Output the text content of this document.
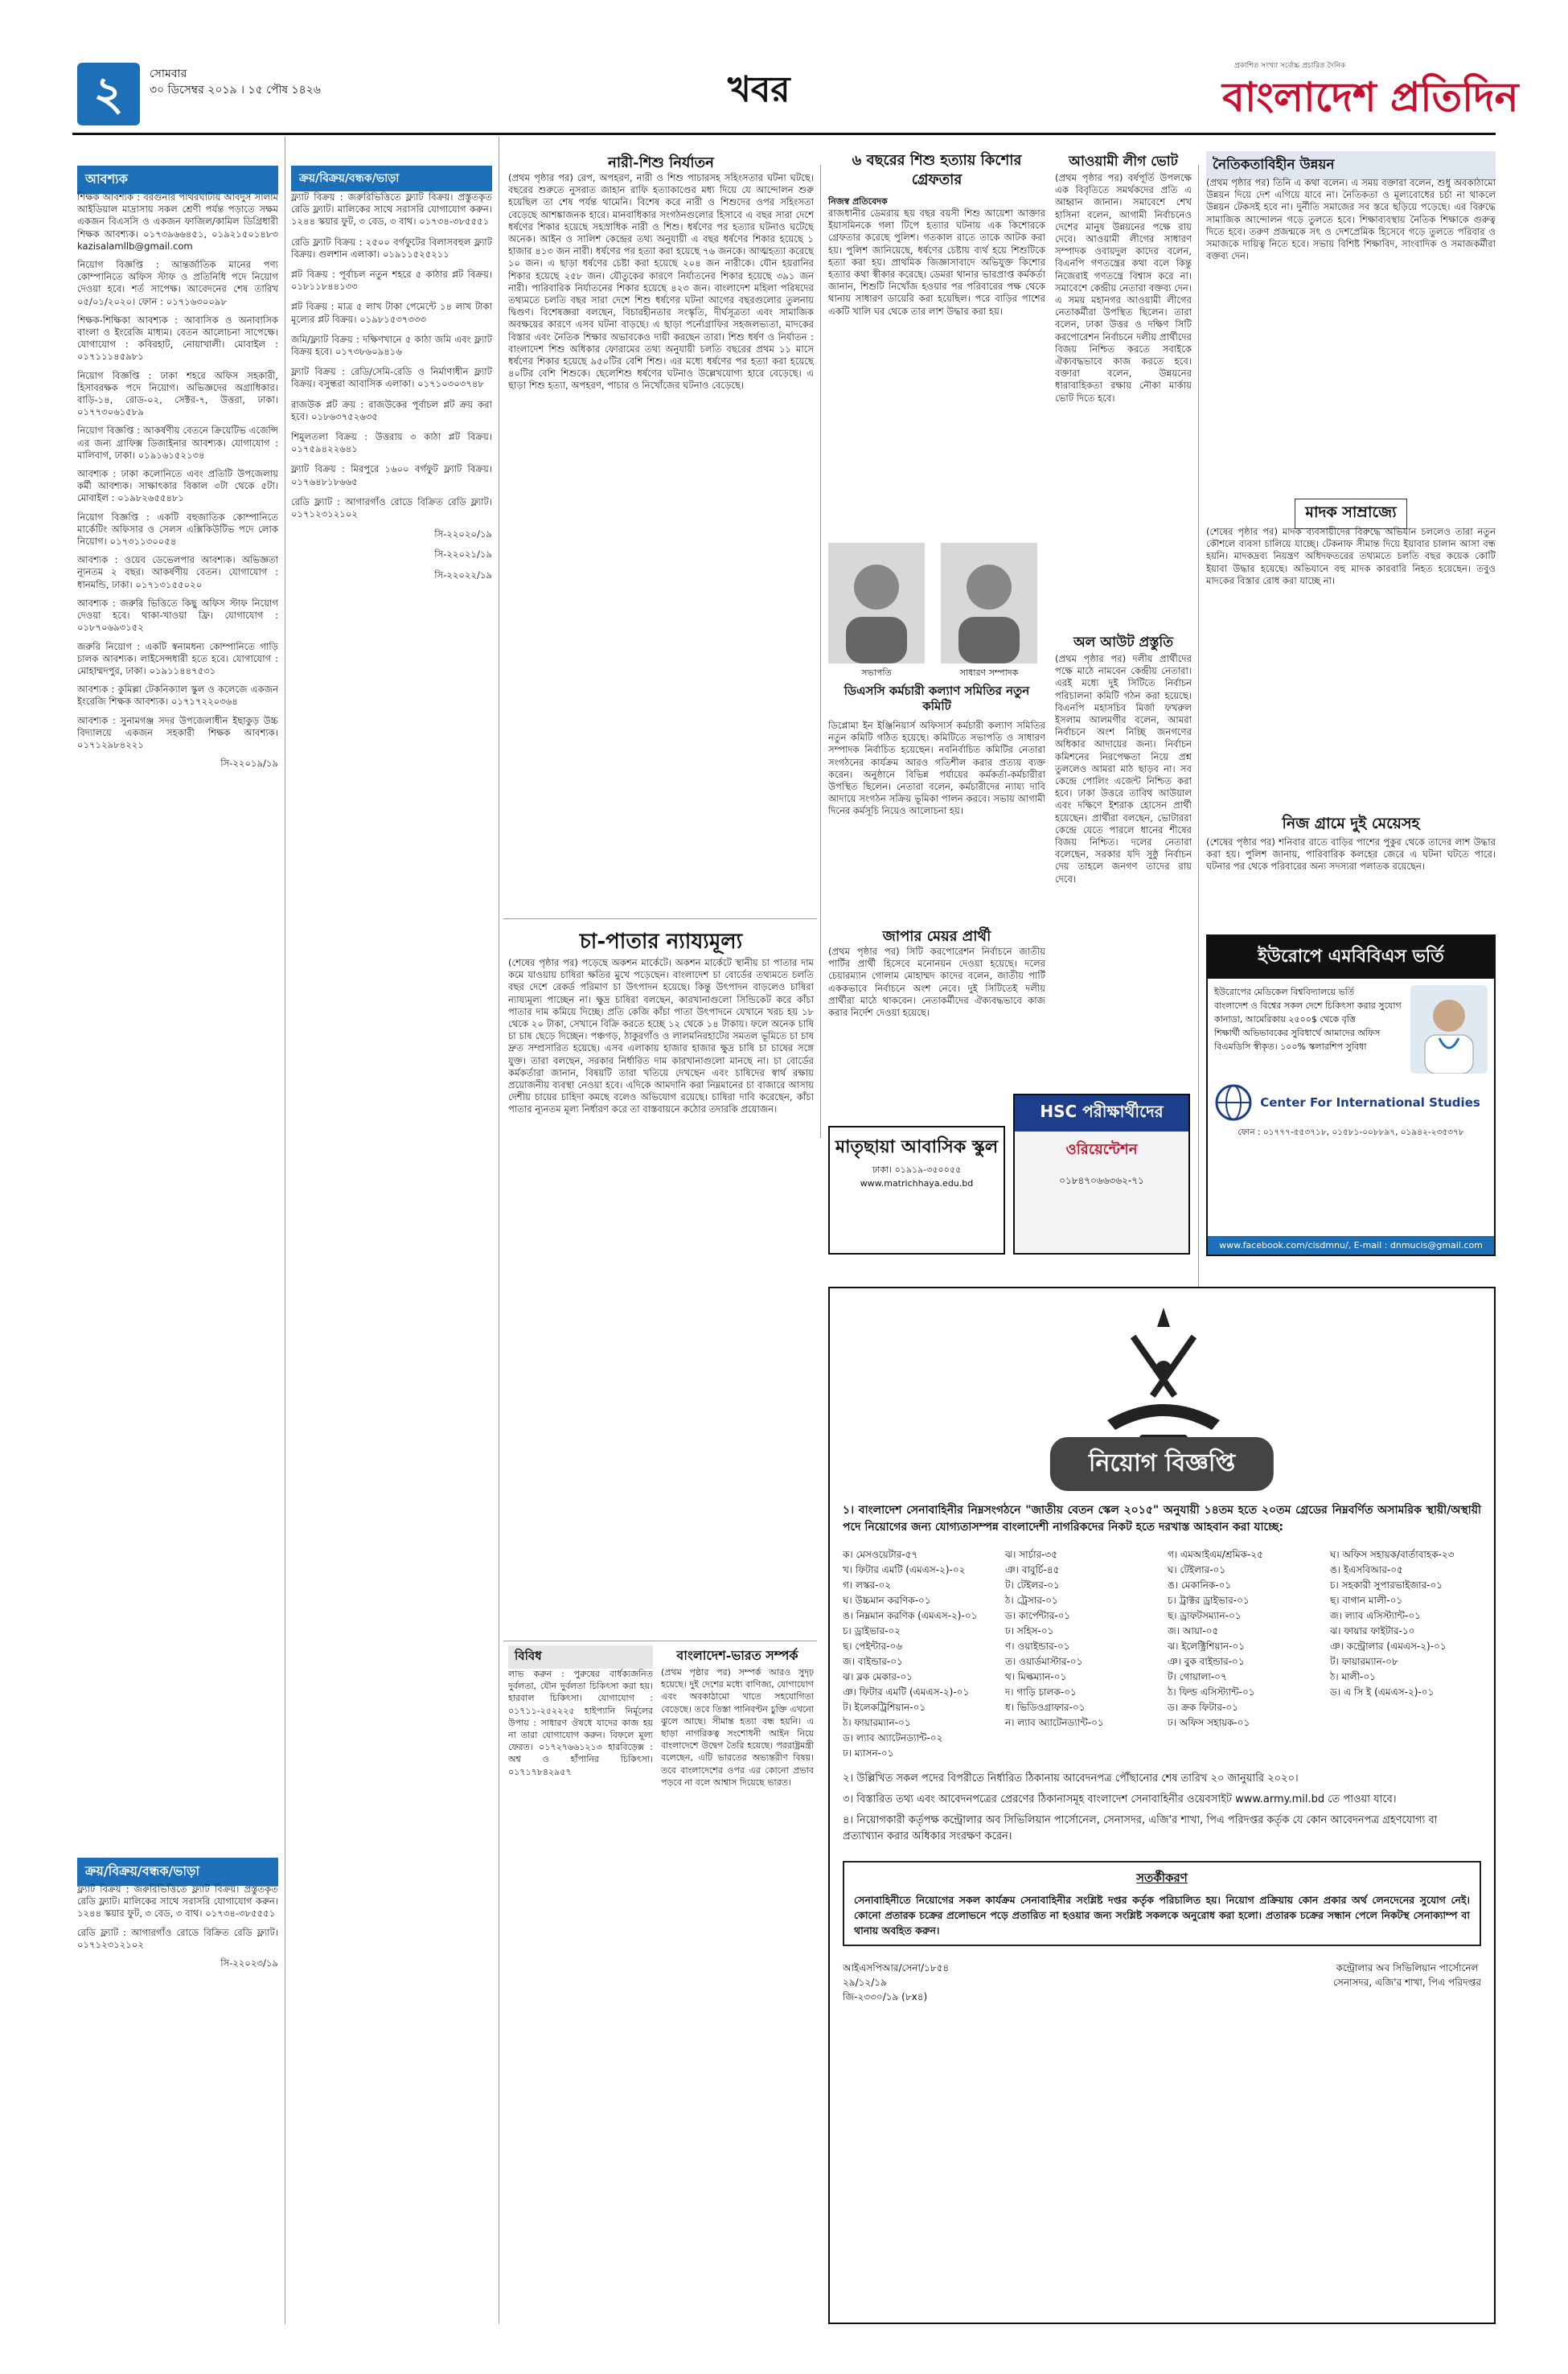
২	সোমবার
৩০ ডিসেম্বর ২০১৯ । ১৫ পৌষ ১৪২৬	খবর
প্রকাশিত সংখ্যা সর্বোচ্চ প্রচারিত দৈনিক
বাংলাদেশ প্রতিদিন
আবশ্যক

শিক্ষক আবশ্যক : বরগুনার পাথরঘাটায় আবদুস সালাম আইডিয়াল মাদ্রাসায় সকল শ্রেণী পর্যন্ত পড়াতে সক্ষম একজন বিএসসি ও একজন ফাজিল/কামিল ডিগ্রিধারী শিক্ষক আবশ্যক। ০১৭৩৯৬৬৪৫১, ০১৯২১৫০১৪৮৩ kazisalamllb@gmail.com

নিয়োগ বিজ্ঞপ্তি : আন্তর্জাতিক মানের পণ্য কোম্পানিতে অফিস স্টাফ ও প্রতিনিধি পদে নিয়োগ দেওয়া হবে। শর্ত সাপেক্ষ। আবেদনের শেষ তারিখ ০৫/০১/২০২০। ফোন : ০১৭১৬৩০০৯৮

শিক্ষক-শিক্ষিকা আবশ্যক : আবাসিক ও অনাবাসিক বাংলা ও ইংরেজি মাধ্যম। বেতন আলোচনা সাপেক্ষে। যোগাযোগ : কবিরহাট, নোয়াখালী। মোবাইল : ০১৭১১১৪৫৯৮১

নিয়োগ বিজ্ঞপ্তি : ঢাকা শহরে অফিস সহকারী, হিসাবরক্ষক পদে নিয়োগ। অভিজ্ঞদের অগ্রাধিকার। বাড়ি-১৪, রোড-০২, সেক্টর-৭, উত্তরা, ঢাকা। ০১৭৭৩০৬১৫৮৯

নিয়োগ বিজ্ঞপ্তি : আকর্ষণীয় বেতনে ক্রিয়েটিভ এজেন্সি এর জন্য গ্রাফিক্স ডিজাইনার আবশ্যক। যোগাযোগ : মালিবাগ, ঢাকা। ০১৯১৬১৫২১৩৪

আবশ্যক : ঢাকা কলোনিতে এবং প্রতিটি উপজেলায় কর্মী আবশ্যক। সাক্ষাৎকার বিকাল ৩টা থেকে ৫টা। মোবাইল : ০১৯৮২৬৫৫৪৮১

নিয়োগ বিজ্ঞপ্তি : একটি বহুজাতিক কোম্পানিতে মার্কেটিং অফিসার ও সেলস এক্সিকিউটিভ পদে লোক নিয়োগ। ০১৭৩১১৩০০৫৪

আবশ্যক : ওয়েব ডেভেলপার আবশ্যক। অভিজ্ঞতা ন্যূনতম ২ বছর। আকর্ষণীয় বেতন। যোগাযোগ : ধানমন্ডি, ঢাকা। ০১৭১৩১৫৫০২০

আবশ্যক : জরুরি ভিত্তিতে কিছু অফিস স্টাফ নিয়োগ দেওয়া হবে। থাকা-খাওয়া ফ্রি। যোগাযোগ : ০১৮৭০৬৯৩১৫২

জরুরি নিয়োগ : একটি স্বনামধন্য কোম্পানিতে গাড়ি চালক আবশ্যক। লাইসেন্সধারী হতে হবে। যোগাযোগ : মোহাম্মদপুর, ঢাকা। ০১৯১১৪৪৭৫৩১

আবশ্যক : কুমিল্লা টেকনিক্যাল স্কুল ও কলেজে একজন ইংরেজি শিক্ষক আবশ্যক। ০১৭১৭২২০৩৬৪

আবশ্যক : সুনামগঞ্জ সদর উপজেলাধীন ইছাকুড় উচ্চ বিদ্যালয়ে একজন সহকারী শিক্ষক আবশ্যক। ০১৭১২৯৮৪২২১

সি-২২০১৯/১৯

ক্রয়/বিক্রয়/বন্ধক/ভাড়া

ফ্ল্যাট বিক্রয় : জরুরিভিত্তিতে ফ্ল্যাট বিক্রয়। প্রস্তুতকৃত রেডি ফ্ল্যাট। মালিকের সাথে সরাসরি যোগাযোগ করুন। ১২৪৪ স্কয়ার ফুট, ৩ বেড, ৩ বাথ। ০১৭৩৪-৩৮৫৫৫১

রেডি ফ্ল্যাট : আগারগাঁও রোডে বিক্রিত রেডি ফ্ল্যাট। ০১৭১২৩১২১০২

সি-২২০২৩/১৯

ক্রয়/বিক্রয়/বন্ধক/ভাড়া

ফ্ল্যাট বিক্রয় : জরুরিভিত্তিতে ফ্ল্যাট বিক্রয়। প্রস্তুতকৃত রেডি ফ্ল্যাট। মালিকের সাথে সরাসরি যোগাযোগ করুন। ১২৪৪ স্কয়ার ফুট, ৩ বেড, ৩ বাথ। ০১৭৩৪-৩৮৫৫৫১

রেডি ফ্ল্যাট বিক্রয় : ২৫০০ বর্গফুটের বিলাসবহুল ফ্ল্যাট বিক্রয়। গুলশান এলাকা। ০১৯১১৫২৫২১১

প্লট বিক্রয় : পূর্বাচল নতুন শহরে ৫ কাঠার প্লট বিক্রয়। ০১৮১১৮৪৪১৩৩

প্লট বিক্রয় : মাত্র ৫ লাখ টাকা পেমেন্টে ১৪ লাখ টাকা মূল্যের প্লট বিক্রয়। ০১৯৮১৫৩৭৩৩৩

জমি/ফ্ল্যাট বিক্রয় : দক্ষিণখানে ৫ কাঠা জমি এবং ফ্ল্যাট বিক্রয় হবে। ০১৭৩৮৬০৯৪১৬

ফ্ল্যাট বিক্রয় : রেডি/সেমি-রেডি ও নির্মাণাধীন ফ্ল্যাট বিক্রয়। বসুন্ধরা আবাসিক এলাকা। ০১৭১০৩০৩৭৪৮

রাজউক প্লট ক্রয় : রাজউকের পূর্বাচল প্লট ক্রয় করা হবে। ০১৮৬৩৭৫২৬৩৫

শিমুলতলা বিক্রয় : উত্তরায় ৩ কাঠা প্লট বিক্রয়। ০১৭৫৯৪২২৬৪১

ফ্ল্যাট বিক্রয় : মিরপুরে ১৬০০ বর্গফুট ফ্ল্যাট বিক্রয়। ০১৭৬৪৮১৮৬৬৫

রেডি ফ্ল্যাট : আগারগাঁও রোডে বিক্রিত রেডি ফ্ল্যাট। ০১৭১২৩১২১০২

সি-২২০২০/১৯

সি-২২০২১/১৯

সি-২২০২২/১৯

নারী-শিশু নির্যাতন
(প্রথম পৃষ্ঠার পর) রেপ, অপহরণ, নারী ও শিশু পাচারসহ সহিংসতার ঘটনা ঘটছে। বছরের শুরুতে নুসরাত জাহান রাফি হত্যাকাণ্ডের মধ্য দিয়ে যে আন্দোলন শুরু হয়েছিল তা শেষ পর্যন্ত থামেনি। বিশেষ করে নারী ও শিশুদের ওপর সহিংসতা বেড়েছে আশঙ্কাজনক হারে। মানবাধিকার সংগঠনগুলোর হিসাবে এ বছর সারা দেশে ধর্ষণের শিকার হয়েছে সহস্রাধিক নারী ও শিশু। ধর্ষণের পর হত্যার ঘটনাও ঘটেছে অনেক। আইন ও সালিশ কেন্দ্রের তথ্য অনুযায়ী এ বছর ধর্ষণের শিকার হয়েছে ১ হাজার ৪১৩ জন নারী। ধর্ষণের পর হত্যা করা হয়েছে ৭৬ জনকে। আত্মহত্যা করেছে ১০ জন। এ ছাড়া ধর্ষণের চেষ্টা করা হয়েছে ২০৪ জন নারীকে। যৌন হয়রানির শিকার হয়েছে ২৫৮ জন। যৌতুকের কারণে নির্যাতনের শিকার হয়েছে ৩৯১ জন নারী। পারিবারিক নির্যাতনের শিকার হয়েছে ৪২৩ জন। বাংলাদেশ মহিলা পরিষদের তথ্যমতে চলতি বছর সারা দেশে শিশু ধর্ষণের ঘটনা আগের বছরগুলোর তুলনায় দ্বিগুণ। বিশেষজ্ঞরা বলছেন, বিচারহীনতার সংস্কৃতি, দীর্ঘসূত্রতা এবং সামাজিক অবক্ষয়ের কারণে এসব ঘটনা বাড়ছে। এ ছাড়া পর্নোগ্রাফির সহজলভ্যতা, মাদকের বিস্তার এবং নৈতিক শিক্ষার অভাবকেও দায়ী করছেন তারা। শিশু ধর্ষণ ও নির্যাতন : বাংলাদেশ শিশু অধিকার ফোরামের তথ্য অনুযায়ী চলতি বছরের প্রথম ১১ মাসে ধর্ষণের শিকার হয়েছে ৯৫০টির বেশি শিশু। এর মধ্যে ধর্ষণের পর হত্যা করা হয়েছে ৪০টির বেশি শিশুকে। ছেলেশিশু ধর্ষণের ঘটনাও উল্লেখযোগ্য হারে বেড়েছে। এ ছাড়া শিশু হত্যা, অপহরণ, পাচার ও নিখোঁজের ঘটনাও বেড়েছে।
চা-পাতার ন্যায্যমূল্য
(শেষের পৃষ্ঠার পর) পড়েছে অকশন মার্কেটে। অকশন মার্কেটে স্থানীয় চা পাতার দাম কমে যাওয়ায় চাষিরা ক্ষতির মুখে পড়েছেন। বাংলাদেশ চা বোর্ডের তথ্যমতে চলতি বছর দেশে রেকর্ড পরিমাণ চা উৎপাদন হয়েছে। কিন্তু উৎপাদন বাড়লেও চাষিরা ন্যায্যমূল্য পাচ্ছেন না। ক্ষুদ্র চাষিরা বলছেন, কারখানাগুলো সিন্ডিকেট করে কাঁচা পাতার দাম কমিয়ে দিচ্ছে। প্রতি কেজি কাঁচা পাতা উৎপাদনে যেখানে খরচ হয় ১৮ থেকে ২০ টাকা, সেখানে বিক্রি করতে হচ্ছে ১২ থেকে ১৪ টাকায়। ফলে অনেক চাষি চা চাষ ছেড়ে দিচ্ছেন। পঞ্চগড়, ঠাকুরগাঁও ও লালমনিরহাটের সমতল ভূমিতে চা চাষ দ্রুত সম্প্রসারিত হয়েছে। এসব এলাকায় হাজার হাজার ক্ষুদ্র চাষি চা চাষের সঙ্গে যুক্ত। তারা বলছেন, সরকার নির্ধারিত দাম কারখানাগুলো মানছে না। চা বোর্ডের কর্মকর্তারা জানান, বিষয়টি তারা খতিয়ে দেখছেন এবং চাষিদের স্বার্থ রক্ষায় প্রয়োজনীয় ব্যবস্থা নেওয়া হবে। এদিকে আমদানি করা নিম্নমানের চা বাজারে আসায় দেশীয় চায়ের চাহিদা কমছে বলেও অভিযোগ রয়েছে। চাষিরা দাবি করেছেন, কাঁচা পাতার ন্যূনতম মূল্য নির্ধারণ করে তা বাস্তবায়নে কঠোর তদারকি প্রয়োজন।
বিবিধ
লাভ করুন : পুরুষের বার্ধক্যজনিত দুর্বলতা, যৌন দুর্বলতা চিকিৎসা করা হয়। হারবাল চিকিৎসা। যোগাযোগ : ০১৭১১-২৫২২২৫ হাইপ্যানি নির্মূলের উপায় : সাধারণ ঔষধে যাদের কাজ হয় না তারা যোগাযোগ করুন। বিফলে মূল্য ফেরত। ০১৭২৭৬৬১২১৩ হারবিড়েক্স : অশ্ব ও হাঁপানির চিকিৎসা। ০১৭১৭৮৪২৯৫৭
বাংলাদেশ-ভারত সম্পর্ক
(প্রথম পৃষ্ঠার পর) সম্পর্ক আরও সুদৃঢ় হয়েছে। দুই দেশের মধ্যে বাণিজ্য, যোগাযোগ এবং অবকাঠামো খাতে সহযোগিতা বেড়েছে। তবে তিস্তা পানিবণ্টন চুক্তি এখনো ঝুলে আছে। সীমান্ত হত্যা বন্ধ হয়নি। এ ছাড়া নাগরিকত্ব সংশোধনী আইন নিয়ে বাংলাদেশে উদ্বেগ তৈরি হয়েছে। পররাষ্ট্রমন্ত্রী বলেছেন, এটি ভারতের অভ্যন্তরীণ বিষয়। তবে বাংলাদেশের ওপর এর কোনো প্রভাব পড়বে না বলে আশ্বাস দিয়েছে ভারত।
৬ বছরের শিশু হত্যায় কিশোর গ্রেফতার
নিজস্ব প্রতিবেদক
রাজধানীর ডেমরায় ছয় বছর বয়সী শিশু আয়েশা আক্তার ইয়াসমিনকে গলা টিপে হত্যার ঘটনায় এক কিশোরকে গ্রেফতার করেছে পুলিশ। গতকাল রাতে তাকে আটক করা হয়। পুলিশ জানিয়েছে, ধর্ষণের চেষ্টায় ব্যর্থ হয়ে শিশুটিকে হত্যা করা হয়। প্রাথমিক জিজ্ঞাসাবাদে অভিযুক্ত কিশোর হত্যার কথা স্বীকার করেছে। ডেমরা থানার ভারপ্রাপ্ত কর্মকর্তা জানান, শিশুটি নিখোঁজ হওয়ার পর পরিবারের পক্ষ থেকে থানায় সাধারণ ডায়েরি করা হয়েছিল। পরে বাড়ির পাশের একটি খালি ঘর থেকে তার লাশ উদ্ধার করা হয়।
সভাপতি	সাধারণ সম্পাদক
ডিএসসি কর্মচারী কল্যাণ সমিতির নতুন কমিটি
ডিপ্লোমা ইন ইঞ্জিনিয়ার্স অফিসার্স কর্মচারী কল্যাণ সমিতির নতুন কমিটি গঠিত হয়েছে। কমিটিতে সভাপতি ও সাধারণ সম্পাদক নির্বাচিত হয়েছেন। নবনির্বাচিত কমিটির নেতারা সংগঠনের কার্যক্রম আরও গতিশীল করার প্রত্যয় ব্যক্ত করেন। অনুষ্ঠানে বিভিন্ন পর্যায়ের কর্মকর্তা-কর্মচারীরা উপস্থিত ছিলেন। নেতারা বলেন, কর্মচারীদের ন্যায্য দাবি আদায়ে সংগঠন সক্রিয় ভূমিকা পালন করবে। সভায় আগামী দিনের কর্মসূচি নিয়েও আলোচনা হয়।
জাপার মেয়র প্রার্থী
(প্রথম পৃষ্ঠার পর) সিটি করপোরেশন নির্বাচনে জাতীয় পার্টির প্রার্থী হিসেবে মনোনয়ন দেওয়া হয়েছে। দলের চেয়ারম্যান গোলাম মোহাম্মদ কাদের বলেন, জাতীয় পার্টি এককভাবে নির্বাচনে অংশ নেবে। দুই সিটিতেই দলীয় প্রার্থীরা মাঠে থাকবেন। নেতাকর্মীদের ঐক্যবদ্ধভাবে কাজ করার নির্দেশ দেওয়া হয়েছে।
মাতৃছায়া আবাসিক স্কুল
ঢাকা। ০১৯১৯-৩৫০০৫৫
www.matrichhaya.edu.bd
HSC পরীক্ষার্থীদের
ওরিয়েন্টেশন
০১৮৪৭০৬৬৩৬২-৭১
আওয়ামী লীগ ভোট
(প্রথম পৃষ্ঠার পর) বর্ষপূর্তি উপলক্ষে এক বিবৃতিতে সমর্থকদের প্রতি এ আহ্বান জানান। সমাবেশে শেখ হাসিনা বলেন, আগামী নির্বাচনেও দেশের মানুষ উন্নয়নের পক্ষে রায় দেবে। আওয়ামী লীগের সাধারণ সম্পাদক ওবায়দুল কাদের বলেন, বিএনপি গণতন্ত্রের কথা বলে কিন্তু নিজেরাই গণতন্ত্রে বিশ্বাস করে না। সমাবেশে কেন্দ্রীয় নেতারা বক্তব্য দেন। এ সময় মহানগর আওয়ামী লীগের নেতাকর্মীরা উপস্থিত ছিলেন। তারা বলেন, ঢাকা উত্তর ও দক্ষিণ সিটি করপোরেশন নির্বাচনে দলীয় প্রার্থীদের বিজয় নিশ্চিত করতে সবাইকে ঐক্যবদ্ধভাবে কাজ করতে হবে। বক্তারা বলেন, উন্নয়নের ধারাবাহিকতা রক্ষায় নৌকা মার্কায় ভোট দিতে হবে।
অল আউট প্রস্তুতি
(প্রথম পৃষ্ঠার পর) দলীয় প্রার্থীদের পক্ষে মাঠে নামবেন কেন্দ্রীয় নেতারা। এরই মধ্যে দুই সিটিতে নির্বাচন পরিচালনা কমিটি গঠন করা হয়েছে। বিএনপি মহাসচিব মির্জা ফখরুল ইসলাম আলমগীর বলেন, আমরা নির্বাচনে অংশ নিচ্ছি জনগণের অধিকার আদায়ের জন্য। নির্বাচন কমিশনের নিরপেক্ষতা নিয়ে প্রশ্ন তুললেও আমরা মাঠ ছাড়ব না। সব কেন্দ্রে পোলিং এজেন্ট নিশ্চিত করা হবে। ঢাকা উত্তরে তাবিথ আউয়াল এবং দক্ষিণে ইশরাক হোসেন প্রার্থী হয়েছেন। প্রার্থীরা বলছেন, ভোটাররা কেন্দ্রে যেতে পারলে ধানের শীষের বিজয় নিশ্চিত। দলের নেতারা বলেছেন, সরকার যদি সুষ্ঠু নির্বাচন দেয় তাহলে জনগণ তাদের রায় দেবে।
নৈতিকতাবিহীন উন্নয়ন
(প্রথম পৃষ্ঠার পর) তিনি এ কথা বলেন। এ সময় বক্তারা বলেন, শুধু অবকাঠামো উন্নয়ন দিয়ে দেশ এগিয়ে যাবে না। নৈতিকতা ও মূল্যবোধের চর্চা না থাকলে উন্নয়ন টেকসই হবে না। দুর্নীতি সমাজের সব স্তরে ছড়িয়ে পড়েছে। এর বিরুদ্ধে সামাজিক আন্দোলন গড়ে তুলতে হবে। শিক্ষাব্যবস্থায় নৈতিক শিক্ষাকে গুরুত্ব দিতে হবে। তরুণ প্রজন্মকে সৎ ও দেশপ্রেমিক হিসেবে গড়ে তুলতে পরিবার ও সমাজকে দায়িত্ব নিতে হবে। সভায় বিশিষ্ট শিক্ষাবিদ, সাংবাদিক ও সমাজকর্মীরা বক্তব্য দেন।
মাদক সাম্রাজ্যে
(শেষের পৃষ্ঠার পর) মাদক ব্যবসায়ীদের বিরুদ্ধে অভিযান চললেও তারা নতুন কৌশলে ব্যবসা চালিয়ে যাচ্ছে। টেকনাফ সীমান্ত দিয়ে ইয়াবার চালান আসা বন্ধ হয়নি। মাদকদ্রব্য নিয়ন্ত্রণ অধিদফতরের তথ্যমতে চলতি বছর কয়েক কোটি ইয়াবা উদ্ধার হয়েছে। অভিযানে বহু মাদক কারবারি নিহত হয়েছেন। তবুও মাদকের বিস্তার রোধ করা যাচ্ছে না।
নিজ গ্রামে দুই মেয়েসহ
(শেষের পৃষ্ঠার পর) শনিবার রাতে বাড়ির পাশের পুকুর থেকে তাদের লাশ উদ্ধার করা হয়। পুলিশ জানায়, পারিবারিক কলহের জেরে এ ঘটনা ঘটতে পারে। ঘটনার পর থেকে পরিবারের অন্য সদস্যরা পলাতক রয়েছেন।
ইউরোপে এমবিবিএস ভর্তি
ইউরোপের মেডিকেল বিশ্ববিদ্যালয়ে ভর্তি
বাংলাদেশ ও বিশ্বের সকল দেশে চিকিৎসা করার সুযোগ
কানাডা, আমেরিকায় ২৫০০$ থেকে বৃত্তি
শিক্ষার্থী অভিভাবকের সুবিধার্থে আমাদের অফিস
বিএমডিসি স্বীকৃত। ১০০% স্কলারশিপ সুবিধা
Center For International Studies
ফোন : ০১৭৭৭-৫৫৩৭১৮, ০১৫৮১-০০৮৮৯৭, ০১৯৪২-২৩৫৩৭৮
www.facebook.com/cisdmnu/, E-mail : dnmucis@gmail.com
নিয়োগ বিজ্ঞপ্তি
১। বাংলাদেশ সেনাবাহিনীর নিম্নসংগঠনে "জাতীয় বেতন স্কেল ২০১৫" অনুযায়ী ১৪তম হতে ২০তম গ্রেডের নিম্নবর্ণিত অসামরিক স্থায়ী/অস্থায়ী পদে নিয়োগের জন্য যোগ্যতাসম্পন্ন বাংলাদেশী নাগরিকদের নিকট হতে দরখাস্ত আহবান করা যাচ্ছে:
ক। মেসওয়েটার-৫৭
খ। ফিটার এমটি (এমএস-২)-০২
গ। লস্কর-০২
ঘ। উচ্চমান করণিক-০১
ঙ। নিম্নমান করণিক (এমএস-২)-০১
চ। ড্রাইভার-০২
ছ। পেইন্টার-০৬
জ। বাইন্ডার-০১
ঝ। ব্লক মেকার-০১
ঞ। ফিটার এমটি (এমএস-২)-০১
ট। ইলেকট্রিশিয়ান-০১
ঠ। ফায়ারম্যান-০১
ড। ল্যাব অ্যাটেনড্যান্ট-০২
ঢ। ম্যাসন-০১
ঝ। সার্চার-৩৫
ঞ। বাবুর্চি-৪৫
ট। টেইলর-০১
ঠ। ট্রেসার-০১
ড। কার্পেন্টার-০১
ঢ। সহিস-০১
ণ। ওয়াইন্ডার-০১
ত। ওয়ার্ডমাস্টার-০১
থ। মিল্কম্যান-০১
দ। গাড়ি চালক-০১
ধ। ভিডিওগ্রাফার-০১
ন। ল্যাব অ্যাটেনড্যান্ট-০১
গ। এমআইএম/শ্রমিক-২৫
ঘ। টেইলার-০১
ঙ। মেকানিক-০১
চ। ট্রাক্টর ড্রাইভার-০১
ছ। ড্রাফটসম্যান-০১
জ। আয়া-০৫
ঝ। ইলেক্ট্রিশিয়ান-০১
ঞ। বুক বাইন্ডার-০১
ট। গোয়ালা-০৭
ঠ। ফিল্ড এসিস্ট্যান্ট-০১
ড। ক্রক ফিটার-০১
ঢ। অফিস সহায়ক-০১
ঘ। অফিস সহায়ক/বার্তাবাহক-২৩
ঙ। ইএসবিআর-০৫
চ। সহকারী সুপারভাইজার-০১
ছ। বাগান মালী-০১
জ। ল্যাব এসিস্ট্যান্ট-০১
ঝ। ফায়ার ফাইটার-১০
ঞ। কন্ট্রোলার (এমএস-২)-০১
ট। ফায়ারম্যান-০৮
ঠ। মালী-০১
ড। এ সি ই (এমএস-২)-০১

২। উল্লিখিত সকল পদের বিপরীতে নির্ধারিত ঠিকানায় আবেদনপত্র পৌঁছানোর শেষ তারিখ ২০ জানুয়ারি ২০২০।

৩। বিস্তারিত তথ্য এবং আবেদনপত্রের প্রেরণের ঠিকানাসমূহ বাংলাদেশ সেনাবাহিনীর ওয়েবসাইট www.army.mil.bd তে পাওয়া যাবে।

৪। নিয়োগকারী কর্তৃপক্ষ কন্ট্রোলার অব সিভিলিয়ান পার্সোনেল, সেনাসদর, এজি'র শাখা, পিএ পরিদপ্তর কর্তৃক যে কোন আবেদনপত্র গ্রহণযোগ্য বা প্রত্যাখ্যান করার অধিকার সংরক্ষণ করেন।

সতর্কীকরণ
সেনাবাহিনীতে নিয়োগের সকল কার্যক্রম সেনাবাহিনীর সংশ্লিষ্ট দপ্তর কর্তৃক পরিচালিত হয়। নিয়োগ প্রক্রিয়ায় কোন প্রকার অর্থ লেনদেনের সুযোগ নেই। কোনো প্রতারক চক্রের প্রলোভনে পড়ে প্রতারিত না হওয়ার জন্য সংশ্লিষ্ট সকলকে অনুরোধ করা হলো। প্রতারক চক্রের সন্ধান পেলে নিকটস্থ সেনাক্যাম্প বা থানায় অবহিত করুন।
আইএসপিআর/সেনা/১৮৫৪
২৯/১২/১৯
জি-২৩৩০/১৯ (৮x৪)
কন্ট্রোলার অব সিভিলিয়ান পার্সোনেল
সেনাসদর, এজি'র শাখা, পিএ পরিদপ্তর
